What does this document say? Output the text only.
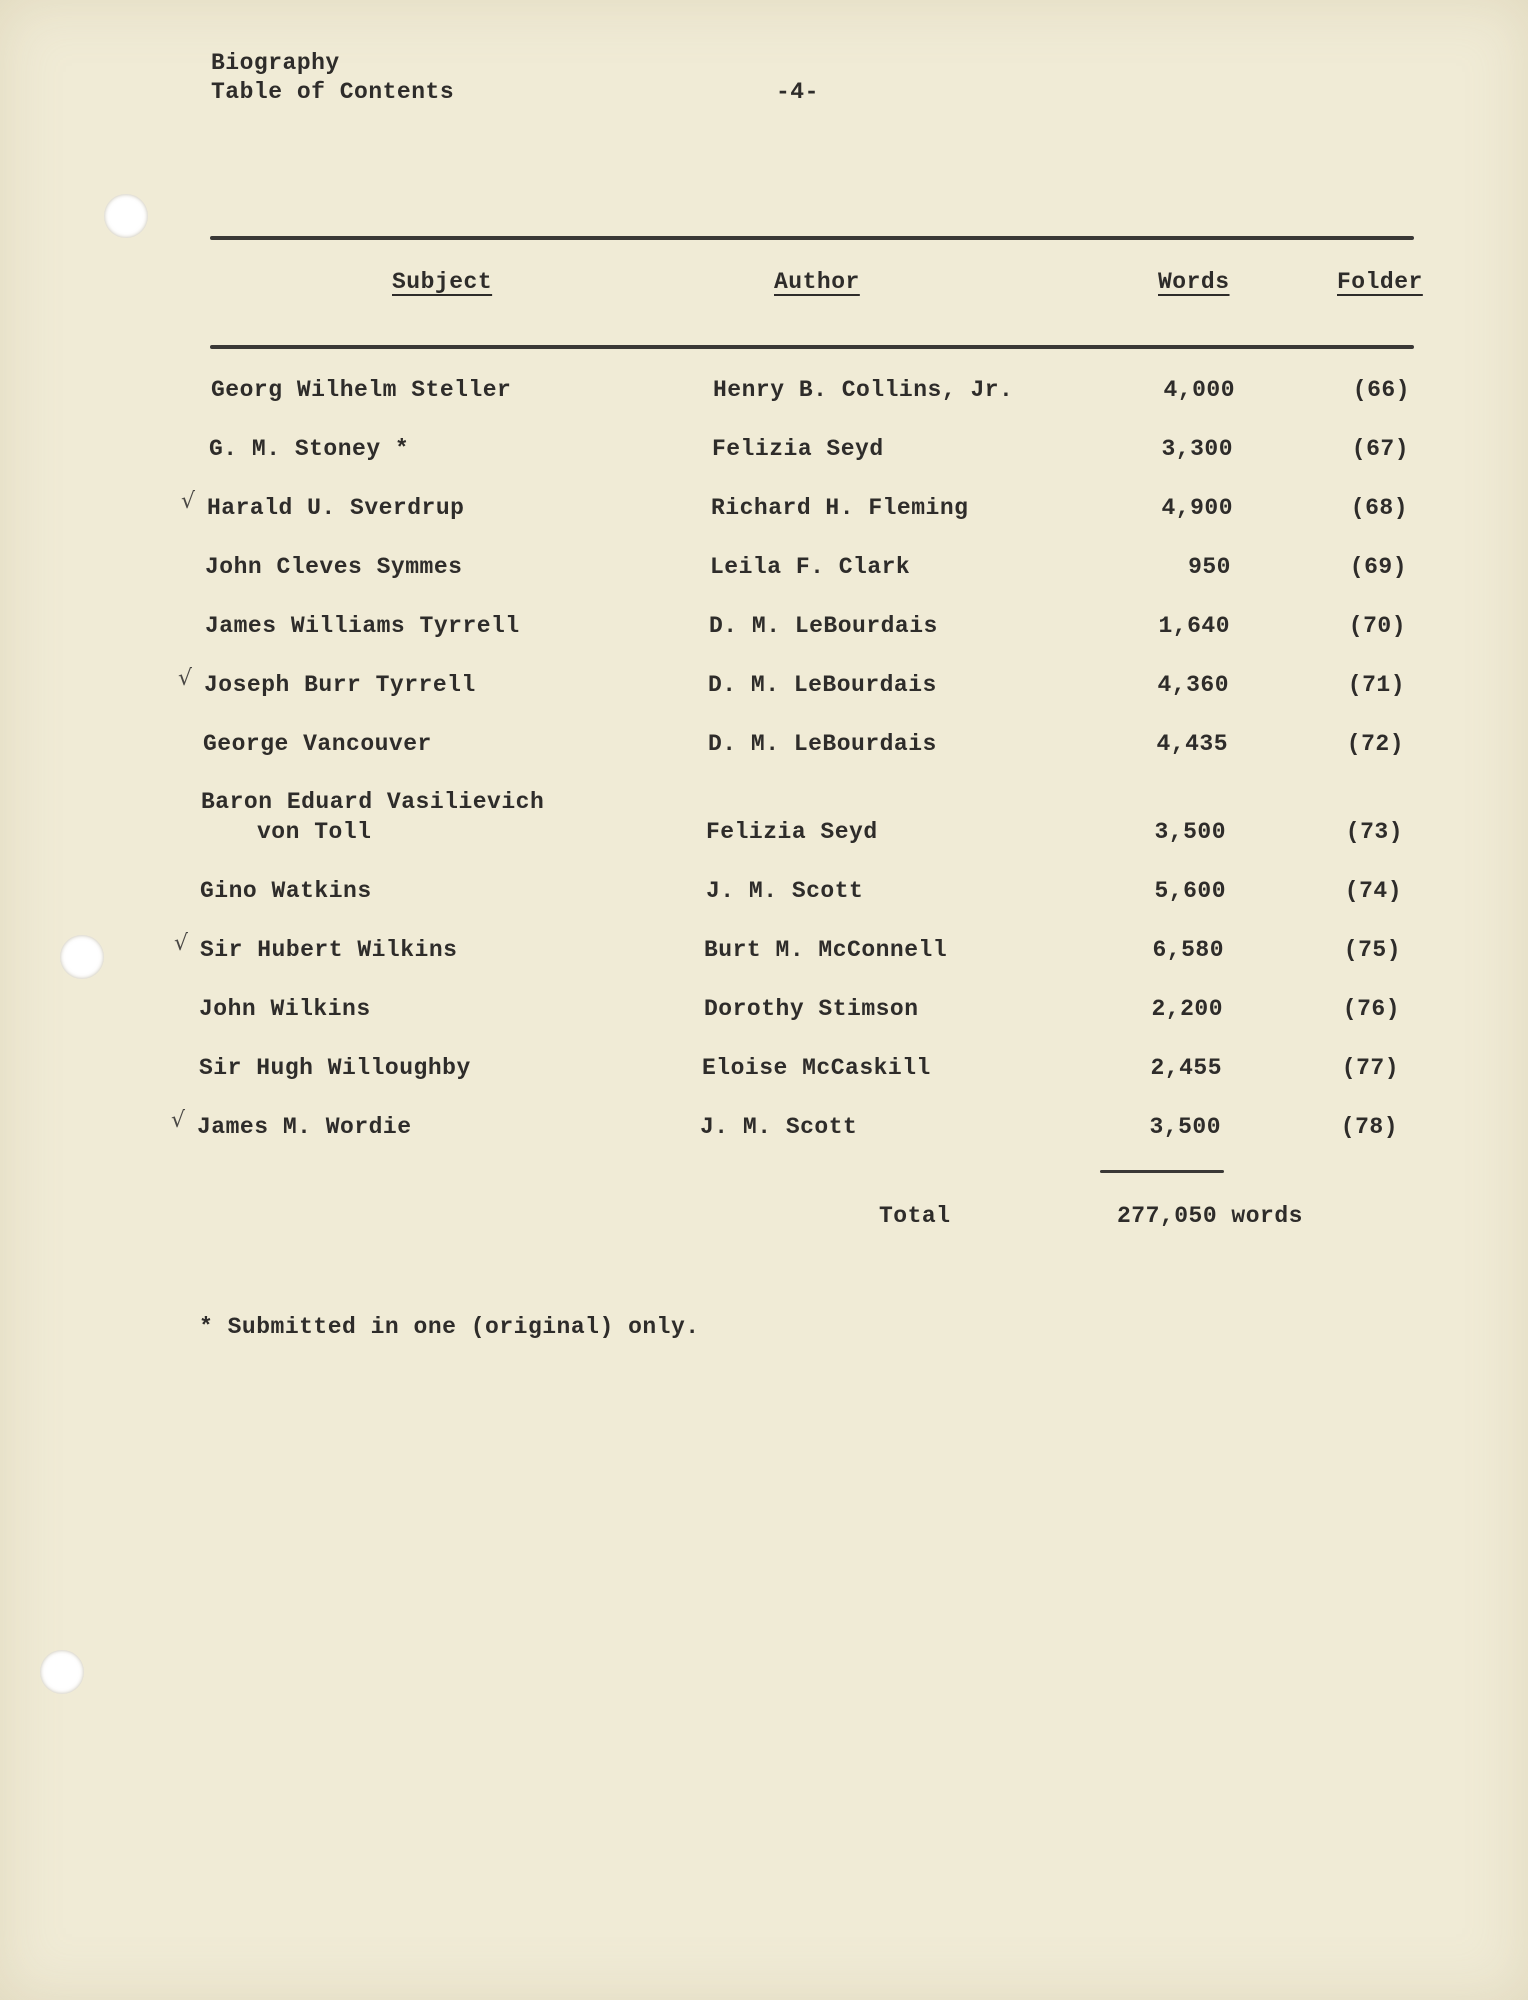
Biography
Table of Contents	-4-
Subject	Author	Words	Folder
Georg Wilhelm Steller	Henry B. Collins, Jr.	4,000	(66)
G. M. Stoney *	Felizia Seyd	3,300	(67)
Harald U. Sverdrup	Richard H. Fleming	4,900	(68)
√
John Cleves Symmes	Leila F. Clark	950	(69)
James Williams Tyrrell	D. M. LeBourdais	1,640	(70)
Joseph Burr Tyrrell	D. M. LeBourdais	4,360	(71)
√
George Vancouver	D. M. LeBourdais	4,435	(72)
Baron Eduard Vasilievich
von Toll	Felizia Seyd	3,500	(73)
Gino Watkins	J. M. Scott	5,600	(74)
Sir Hubert Wilkins	Burt M. McConnell	6,580	(75)
√
John Wilkins	Dorothy Stimson	2,200	(76)
Sir Hugh Willoughby	Eloise McCaskill	2,455	(77)
James M. Wordie	J. M. Scott	3,500	(78)
√
Total	277,050 words
* Submitted in one (original) only.
